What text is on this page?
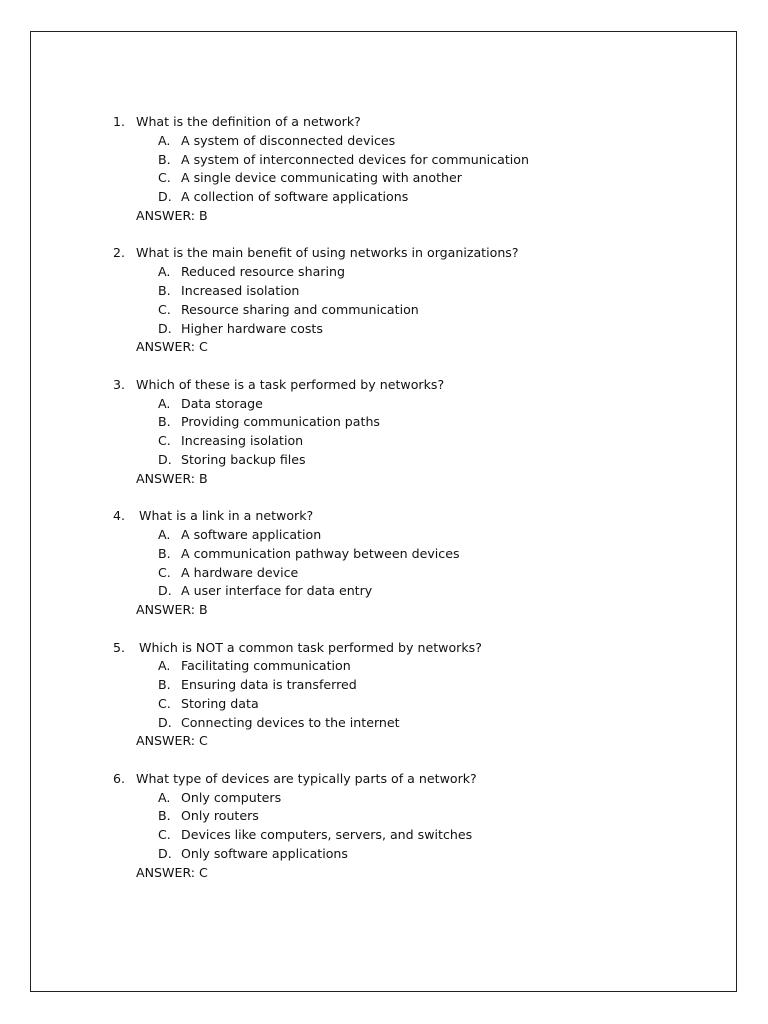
1. What is the definition of a network?
A. A system of disconnected devices
B. A system of interconnected devices for communication
C. A single device communicating with another
D. A collection of software applications
ANSWER: B
2. What is the main benefit of using networks in organizations?
A. Reduced resource sharing
B. Increased isolation
C. Resource sharing and communication
D. Higher hardware costs
ANSWER: C
3. Which of these is a task performed by networks?
A. Data storage
B. Providing communication paths
C. Increasing isolation
D. Storing backup files
ANSWER: B
4. What is a link in a network?
A. A software application
B. A communication pathway between devices
C. A hardware device
D. A user interface for data entry
ANSWER: B
5. Which is NOT a common task performed by networks?
A. Facilitating communication
B. Ensuring data is transferred
C. Storing data
D. Connecting devices to the internet
ANSWER: C
6. What type of devices are typically parts of a network?
A. Only computers
B. Only routers
C. Devices like computers, servers, and switches
D. Only software applications
ANSWER: C
